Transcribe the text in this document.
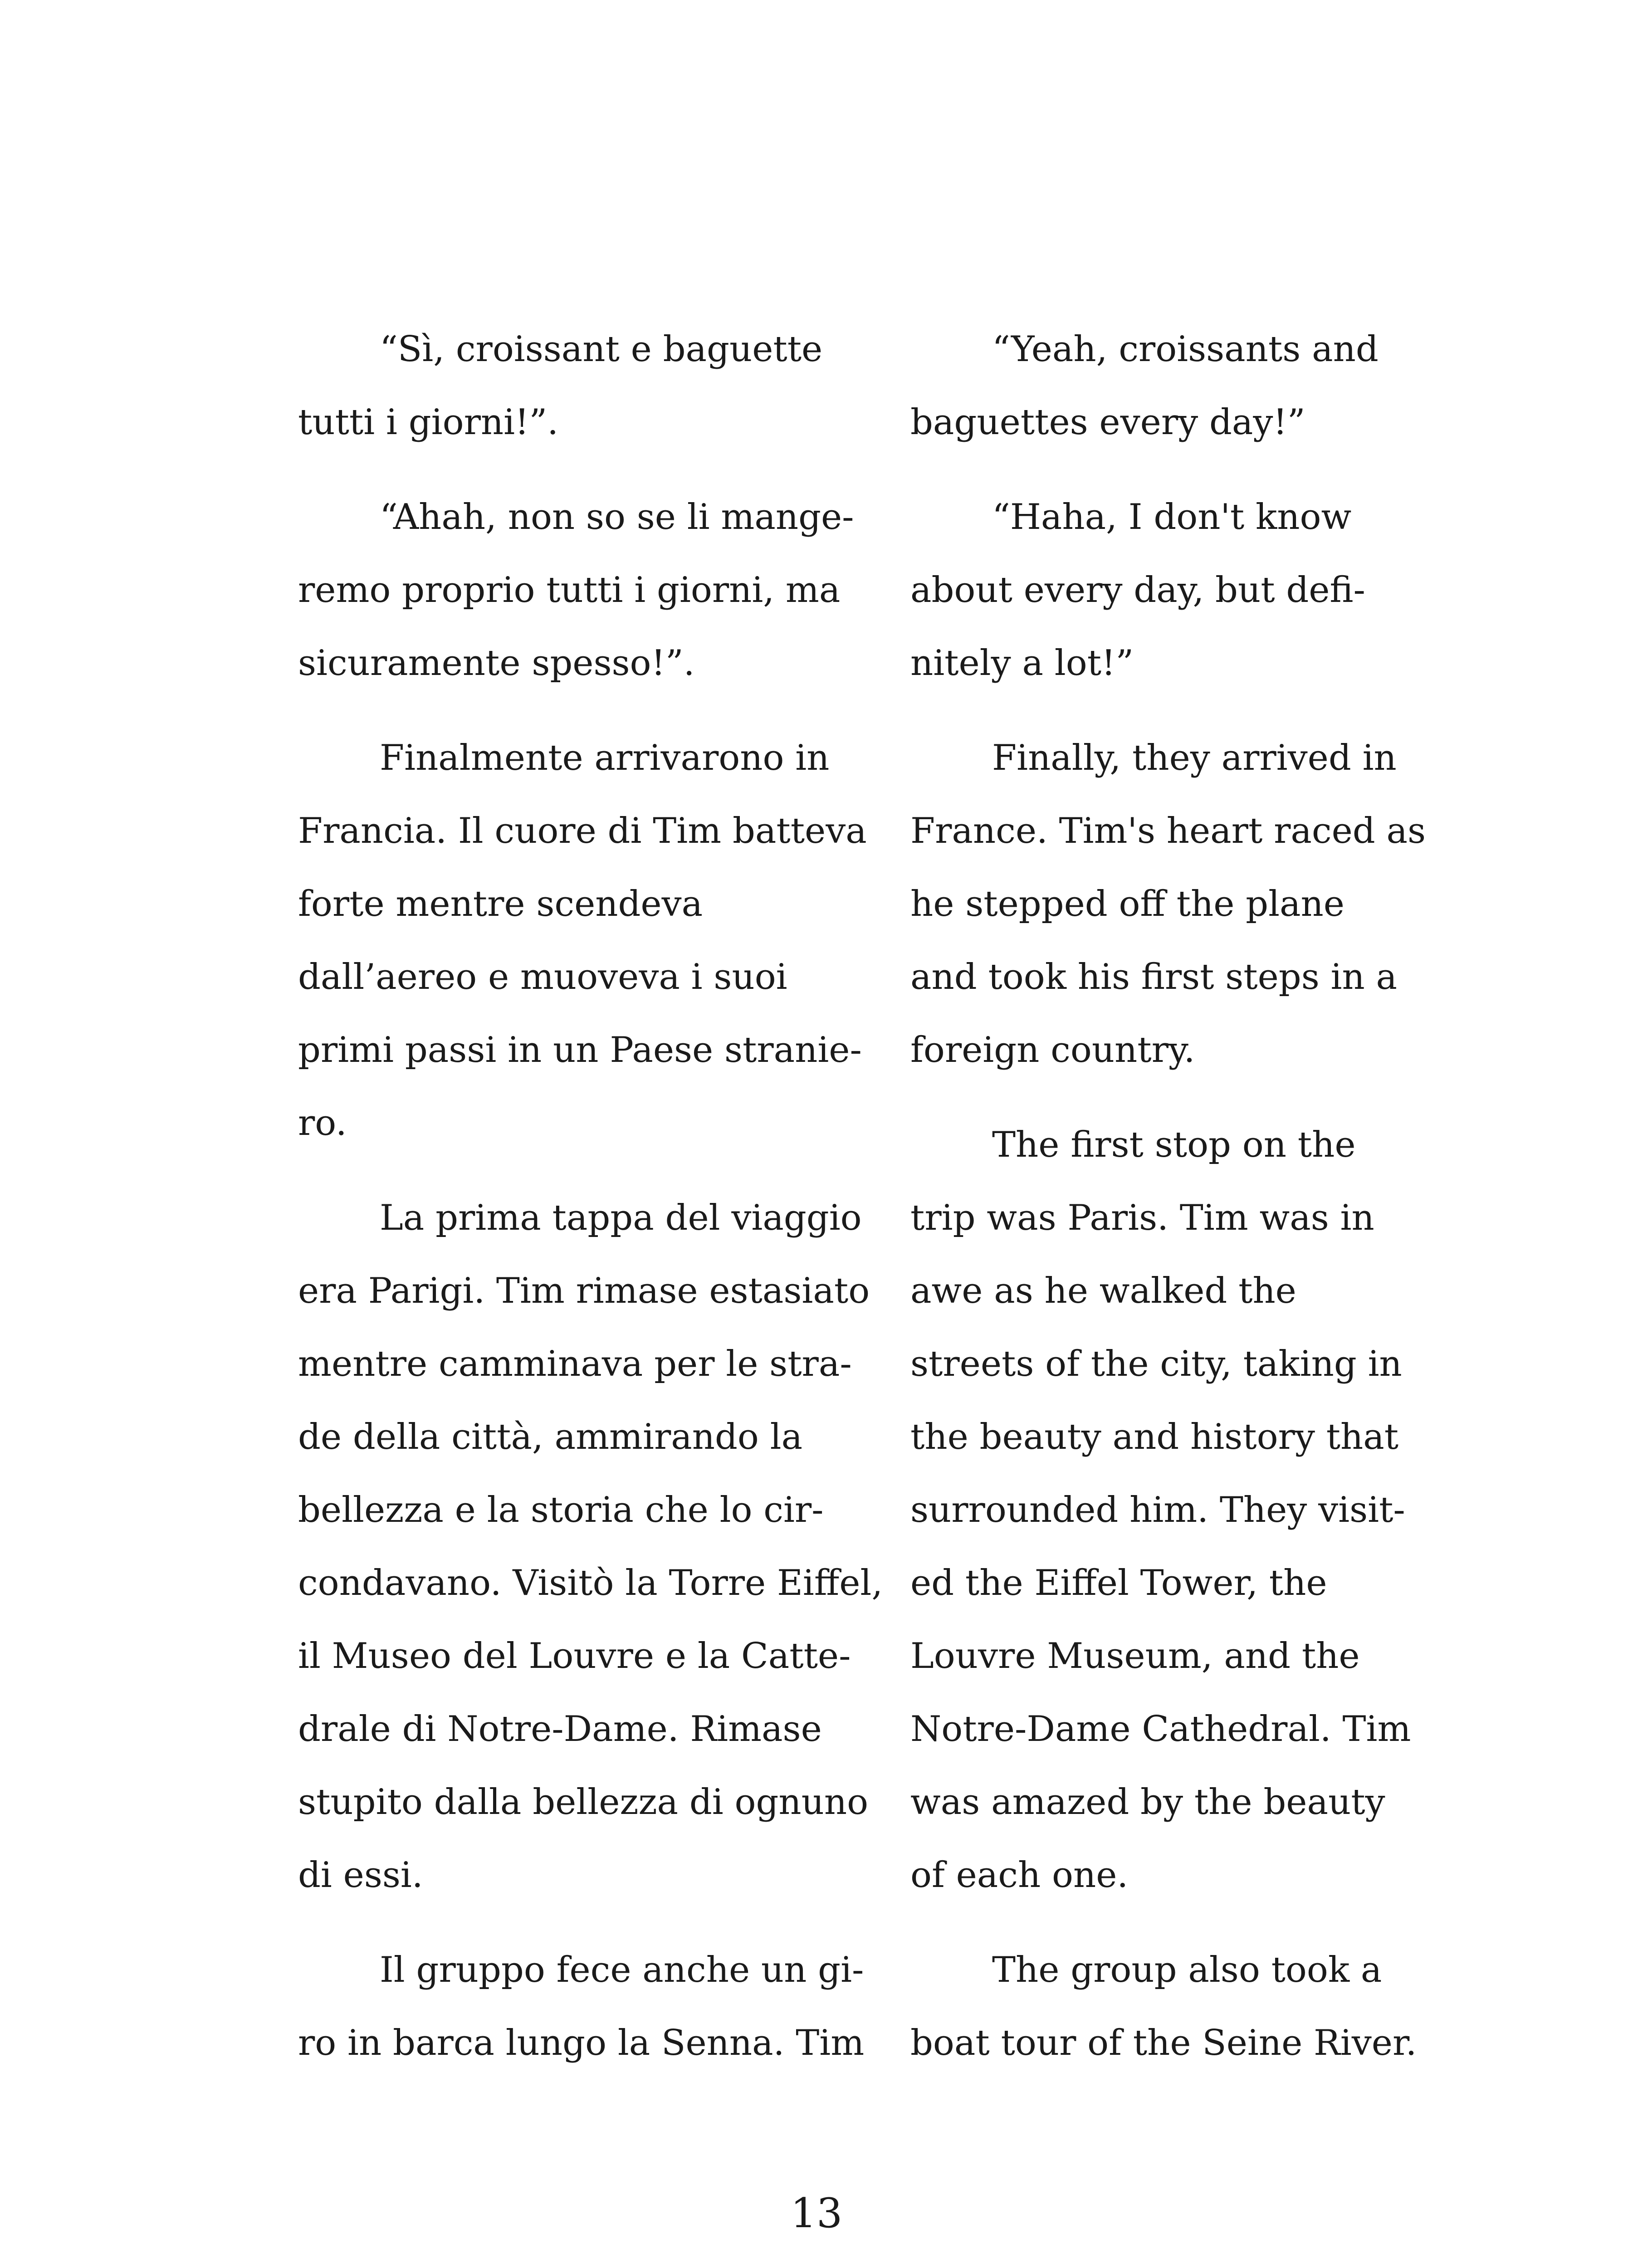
“Sì, croissant e baguette
tutti i giorni!”.
“Ahah, non so se li mange-
remo proprio tutti i giorni, ma
sicuramente spesso!”.
Finalmente arrivarono in
Francia. Il cuore di Tim batteva
forte mentre scendeva
dall’aereo e muoveva i suoi
primi passi in un Paese stranie-
ro.
La prima tappa del viaggio
era Parigi. Tim rimase estasiato
mentre camminava per le stra-
de della città, ammirando la
bellezza e la storia che lo cir-
condavano. Visitò la Torre Eiffel,
il Museo del Louvre e la Catte-
drale di Notre-Dame. Rimase
stupito dalla bellezza di ognuno
di essi.
Il gruppo fece anche un gi-
ro in barca lungo la Senna. Tim
“Yeah, croissants and
baguettes every day!”
“Haha, I don't know
about every day, but defi-
nitely a lot!”
Finally, they arrived in
France. Tim's heart raced as
he stepped off the plane
and took his first steps in a
foreign country.
The first stop on the
trip was Paris. Tim was in
awe as he walked the
streets of the city, taking in
the beauty and history that
surrounded him. They visit-
ed the Eiffel Tower, the
Louvre Museum, and the
Notre-Dame Cathedral. Tim
was amazed by the beauty
of each one.
The group also took a
boat tour of the Seine River.
13
